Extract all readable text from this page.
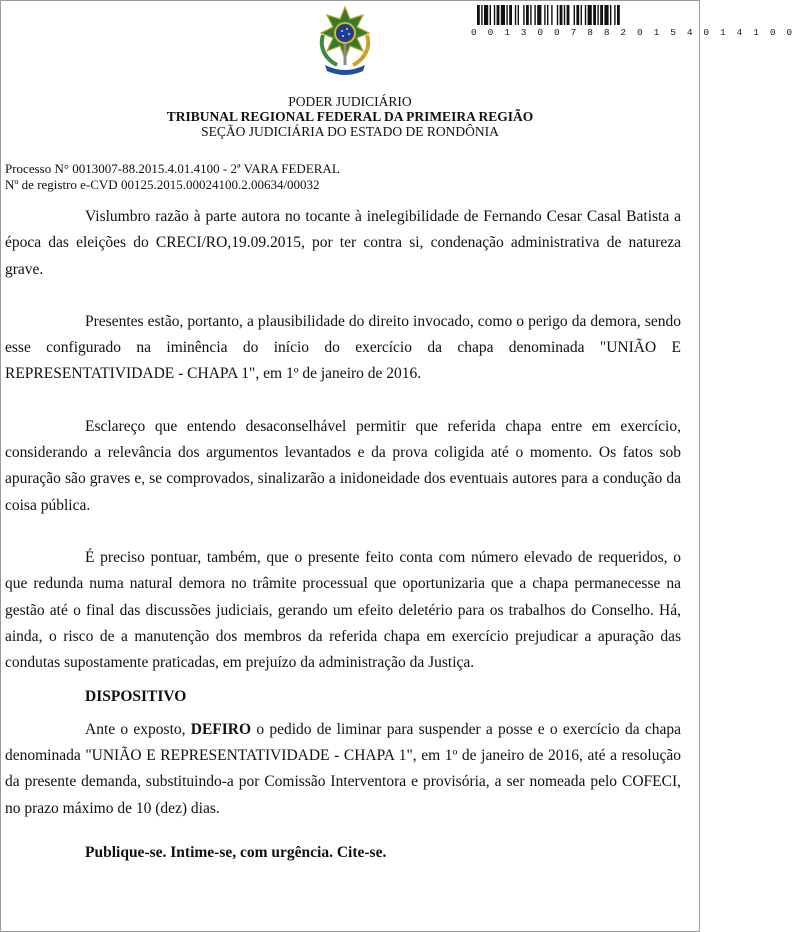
0 0 1 3 0 0 7 8 8 2 0 1 5 4 0 1 4 1 0 0
PODER JUDICIÁRIO
TRIBUNAL REGIONAL FEDERAL DA PRIMEIRA REGIÃO
SEÇÃO JUDICIÁRIA DO ESTADO DE RONDÔNIA
Processo N° 0013007-88.2015.4.01.4100 - 2ª VARA FEDERAL
Nº de registro e-CVD 00125.2015.00024100.2.00634/00032

Vislumbro razão à parte autora no tocante à inelegibilidade de Fernando Cesar Casal Batista a época das eleições do CRECI/RO,19.09.2015, por ter contra si, condenação administrativa de natureza grave.

Presentes estão, portanto, a plausibilidade do direito invocado, como o perigo da demora, sendo esse configurado na iminência do início do exercício da chapa denominada "UNIÃO E REPRESENTATIVIDADE - CHAPA 1", em 1º de janeiro de 2016.

Esclareço que entendo desaconselhável permitir que referida chapa entre em exercício, considerando a relevância dos argumentos levantados e da prova coligida até o momento. Os fatos sob apuração são graves e, se comprovados, sinalizarão a inidoneidade dos eventuais autores para a condução da coisa pública.

É preciso pontuar, também, que o presente feito conta com número elevado de requeridos, o que redunda numa natural demora no trâmite processual que oportunizaria que a chapa permanecesse na gestão até o final das discussões judiciais, gerando um efeito deletério para os trabalhos do Conselho. Há, ainda, o risco de a manutenção dos membros da referida chapa em exercício prejudicar a apuração das condutas supostamente praticadas, em prejuízo da administração da Justiça.

DISPOSITIVO

Ante o exposto, DEFIRO o pedido de liminar para suspender a posse e o exercício da chapa denominada "UNIÃO E REPRESENTATIVIDADE - CHAPA 1", em 1º de janeiro de 2016, até a resolução da presente demanda, substituindo-a por Comissão Interventora e provisória, a ser nomeada pelo COFECI, no prazo máximo de 10 (dez) dias.

Publique-se. Intime-se, com urgência. Cite-se.
